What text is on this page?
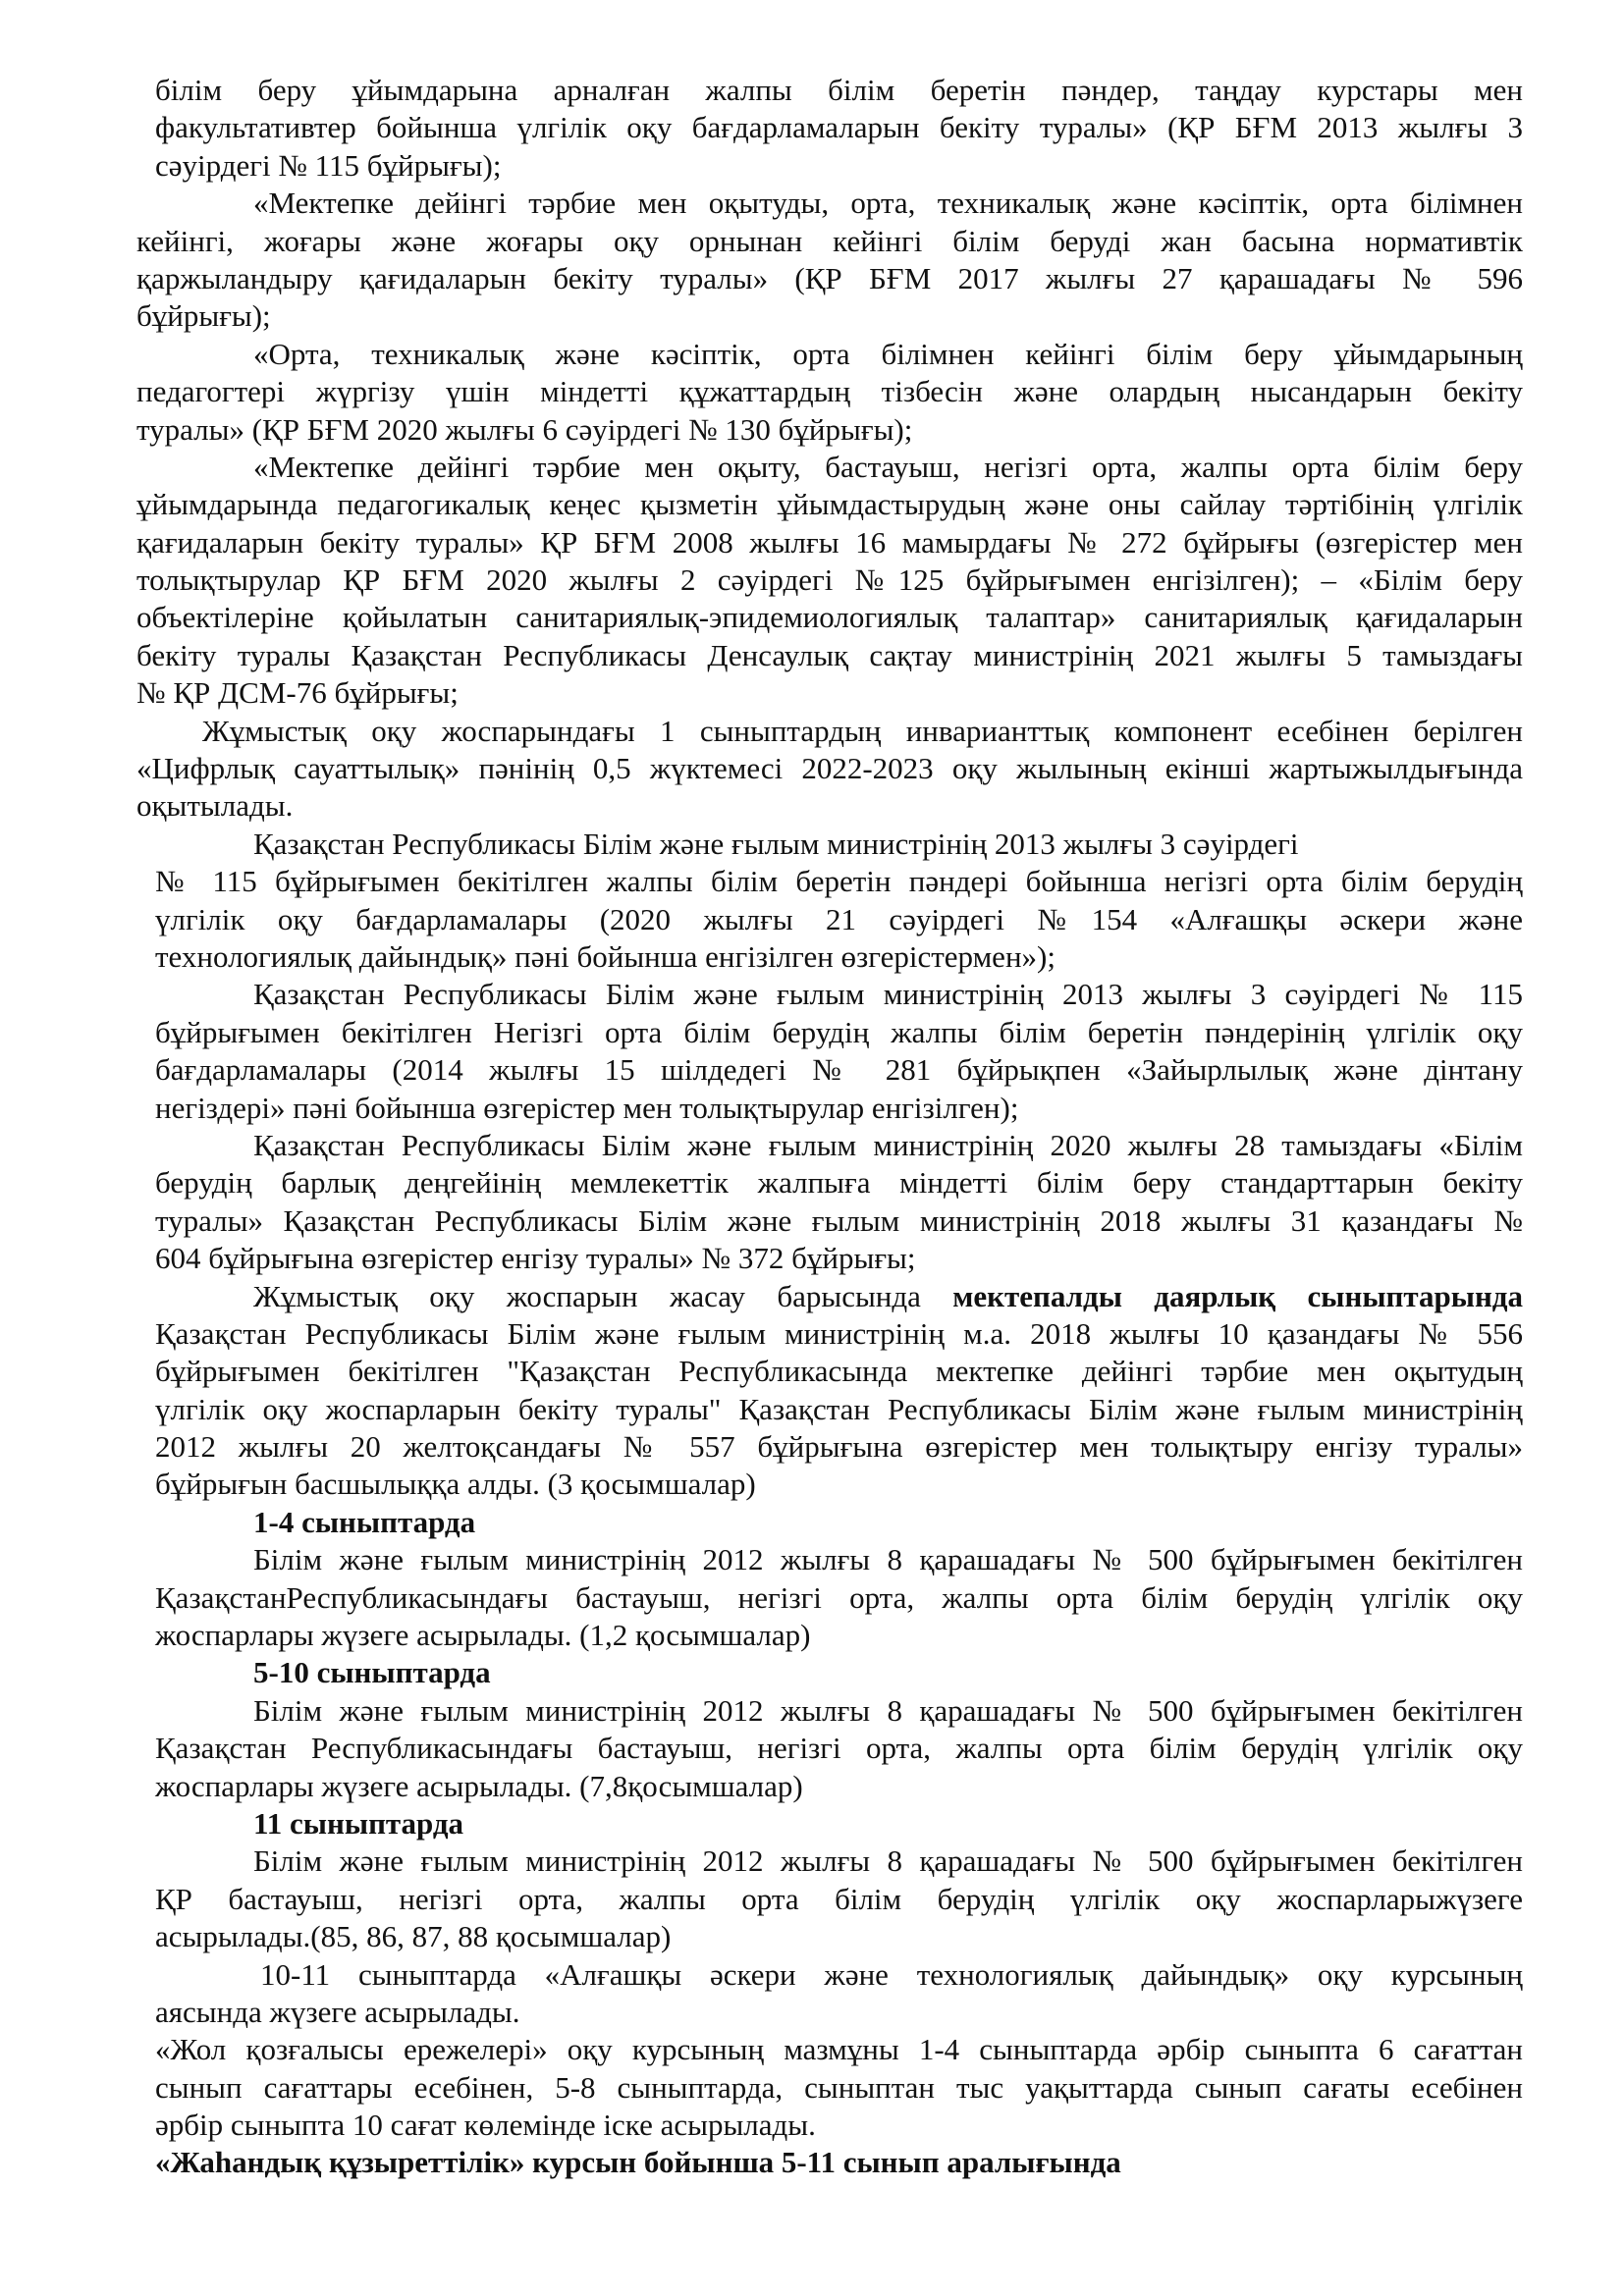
білім беру ұйымдарына арналған жалпы білім беретін пәндер, таңдау курстары мен
факультативтер бойынша үлгілік оқу бағдарламаларын бекіту туралы» (ҚР БҒМ 2013 жылғы 3
сәуірдегі № 115 бұйрығы);
«Мектепке дейінгі тәрбие мен оқытуды, орта, техникалық және кәсіптік, орта білімнен
кейінгі, жоғары және жоғары оқу орнынан кейінгі білім беруді жан басына нормативтік
қаржыландыру қағидаларын бекіту туралы» (ҚР БҒМ 2017 жылғы 27 қарашадағы № 596
бұйрығы);
«Орта, техникалық және кәсіптік, орта білімнен кейінгі білім беру ұйымдарының
педагогтері жүргізу үшін міндетті құжаттардың тізбесін және олардың нысандарын бекіту
туралы» (ҚР БҒМ 2020 жылғы 6 сәуірдегі № 130 бұйрығы);
«Мектепке дейінгі тәрбие мен оқыту, бастауыш, негізгі орта, жалпы орта білім беру
ұйымдарында педагогикалық кеңес қызметін ұйымдастырудың және оны сайлау тәртібінің үлгілік
қағидаларын бекіту туралы» ҚР БҒМ 2008 жылғы 16 мамырдағы № 272 бұйрығы (өзгерістер мен
толықтырулар ҚР БҒМ 2020 жылғы 2 сәуірдегі №125 бұйрығымен енгізілген); – «Білім беру
объектілеріне қойылатын санитариялық-эпидемиологиялық талаптар» санитариялық қағидаларын
бекіту туралы Қазақстан Республикасы Денсаулық сақтау министрінің 2021 жылғы 5 тамыздағы
№ ҚР ДСМ-76 бұйрығы;
Жұмыстық оқу жоспарындағы 1 сыныптардың инварианттық компонент есебінен берілген
«Цифрлық сауаттылық» пәнінің 0,5 жүктемесі 2022-2023 оқу жылының екінші жартыжылдығында
оқытылады.
Қазақстан Республикасы Білім және ғылым министрінің 2013 жылғы 3 сәуірдегі
№ 115 бұйрығымен бекітілген жалпы білім беретін пәндері бойынша негізгі орта білім берудің
үлгілік оқу бағдарламалары (2020 жылғы 21 сәуірдегі №154 «Алғашқы әскери және
технологиялық дайындық» пәні бойынша енгізілген өзгерістермен»);
Қазақстан Республикасы Білім және ғылым министрінің 2013 жылғы 3 сәуірдегі № 115
бұйрығымен бекітілген Негізгі орта білім берудің жалпы білім беретін пәндерінің үлгілік оқу
бағдарламалары (2014 жылғы 15 шілдедегі № 281 бұйрықпен «Зайырлылық және дінтану
негіздері» пәні бойынша өзгерістер мен толықтырулар енгізілген);
Қазақстан Республикасы Білім және ғылым министрінің 2020 жылғы 28 тамыздағы «Білім
берудің барлық деңгейінің мемлекеттік жалпыға міндетті білім беру стандарттарын бекіту
туралы» Қазақстан Республикасы Білім және ғылым министрінің 2018 жылғы 31 қазандағы №
604 бұйрығына өзгерістер енгізу туралы» № 372 бұйрығы;
Жұмыстық оқу жоспарын жасау барысында мектепалды даярлық сыныптарында
Қазақстан Республикасы Білім және ғылым министрінің м.а. 2018 жылғы 10 қазандағы № 556
бұйрығымен бекітілген "Қазақстан Республикасында мектепке дейінгі тәрбие мен оқытудың
үлгілік оқу жоспарларын бекіту туралы" Қазақстан Республикасы Білім және ғылым министрінің
2012 жылғы 20 желтоқсандағы № 557 бұйрығына өзгерістер мен толықтыру енгізу туралы»
бұйрығын басшылыққа алды. (3 қосымшалар)
1-4 сыныптарда
Білім және ғылым министрінің 2012 жылғы 8 қарашадағы № 500 бұйрығымен бекітілген
ҚазақстанРеспубликасындағы бастауыш, негізгі орта, жалпы орта білім берудің үлгілік оқу
жоспарлары жүзеге асырылады. (1,2 қосымшалар)
5-10 сыныптарда
Білім және ғылым министрінің 2012 жылғы 8 қарашадағы № 500 бұйрығымен бекітілген
Қазақстан Республикасындағы бастауыш, негізгі орта, жалпы орта білім берудің үлгілік оқу
жоспарлары жүзеге асырылады. (7,8қосымшалар)
11 сыныптарда
Білім және ғылым министрінің 2012 жылғы 8 қарашадағы № 500 бұйрығымен бекітілген
ҚР бастауыш, негізгі орта, жалпы орта білім берудің үлгілік оқу жоспарларыжүзеге
асырылады.(85, 86, 87, 88 қосымшалар)
10-11 сыныптарда «Алғашқы әскери және технологиялық дайындық» оқу курсының
аясында жүзеге асырылады.
«Жол қозғалысы ережелері» оқу курсының мазмұны 1-4 сыныптарда әрбір сыныпта 6 сағаттан
сынып сағаттары есебінен, 5-8 сыныптарда, сыныптан тыс уақыттарда сынып сағаты есебінен
әрбір сыныпта 10 сағат көлемінде іске асырылады.
«Жаһандық құзыреттілік» курсын бойынша 5-11 сынып аралығында
